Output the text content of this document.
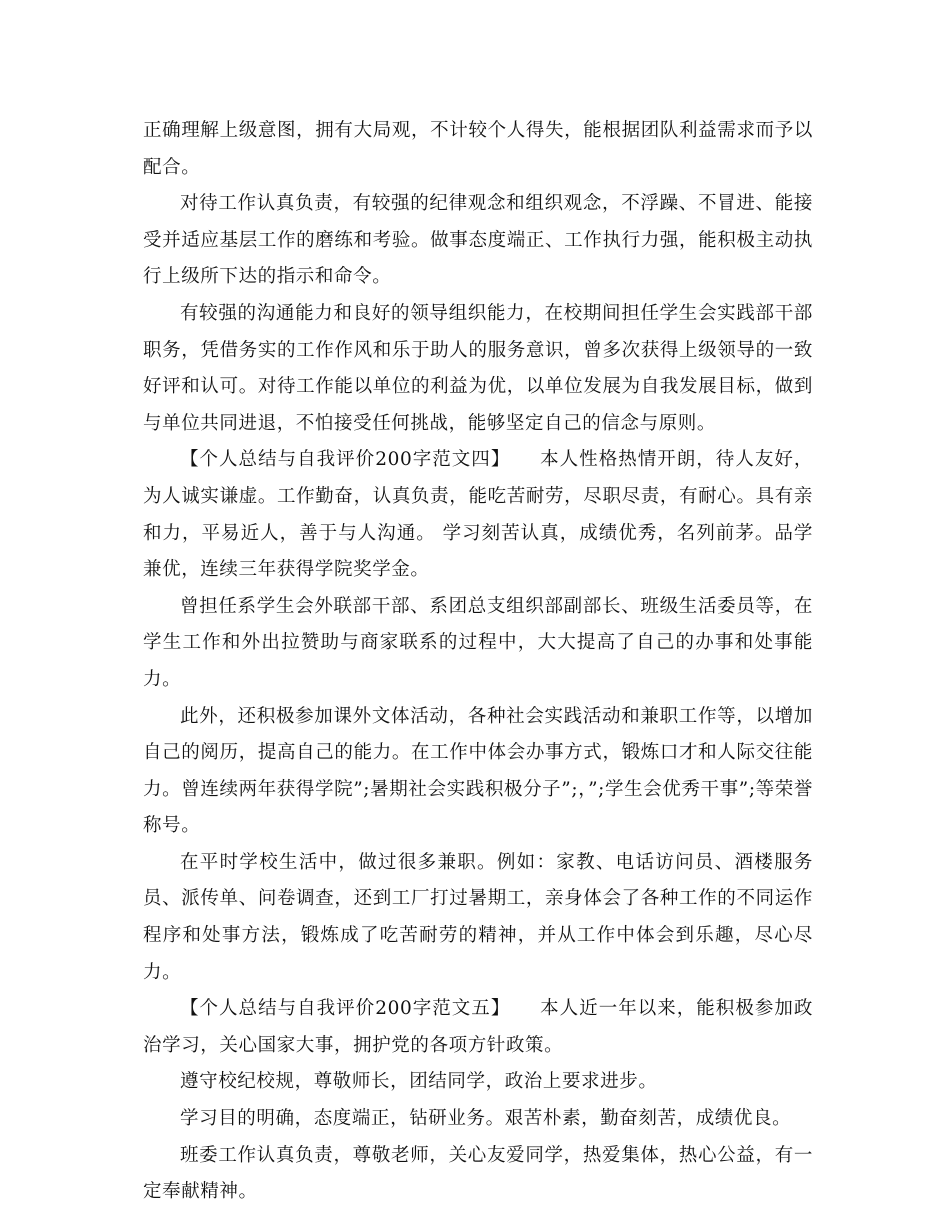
正确理解上级意图，拥有大局观，不计较个人得失，能根据团队利益需求而予以配合。

对待工作认真负责，有较强的纪律观念和组织观念，不浮躁、不冒进、能接受并适应基层工作的磨练和考验。做事态度端正、工作执行力强，能积极主动执行上级所下达的指示和命令。

有较强的沟通能力和良好的领导组织能力，在校期间担任学生会实践部干部职务，凭借务实的工作作风和乐于助人的服务意识，曾多次获得上级领导的一致好评和认可。对待工作能以单位的利益为优，以单位发展为自我发展目标，做到与单位共同进退，不怕接受任何挑战，能够坚定自己的信念与原则。

【个人总结与自我评价200字范文四】　　本人性格热情开朗，待人友好，为人诚实谦虚。工作勤奋，认真负责，能吃苦耐劳，尽职尽责，有耐心。具有亲和力，平易近人，善于与人沟通。 学习刻苦认真，成绩优秀，名列前茅。品学兼优，连续三年获得学院奖学金。

曾担任系学生会外联部干部、系团总支组织部副部长、班级生活委员等，在学生工作和外出拉赞助与商家联系的过程中，大大提高了自己的办事和处事能力。

此外，还积极参加课外文体活动，各种社会实践活动和兼职工作等，以增加自己的阅历，提高自己的能力。在工作中体会办事方式，锻炼口才和人际交往能力。曾连续两年获得学院”;暑期社会实践积极分子”;，”;学生会优秀干事”;等荣誉称号。

在平时学校生活中，做过很多兼职。例如：家教、电话访问员、酒楼服务员、派传单、问卷调查，还到工厂打过暑期工，亲身体会了各种工作的不同运作程序和处事方法，锻炼成了吃苦耐劳的精神，并从工作中体会到乐趣，尽心尽力。

【个人总结与自我评价200字范文五】　　本人近一年以来，能积极参加政治学习，关心国家大事，拥护党的各项方针政策。

遵守校纪校规，尊敬师长，团结同学，政治上要求进步。

学习目的明确，态度端正，钻研业务。艰苦朴素，勤奋刻苦，成绩优良。

班委工作认真负责，尊敬老师，关心友爱同学，热爱集体，热心公益，有一定奉献精神。
